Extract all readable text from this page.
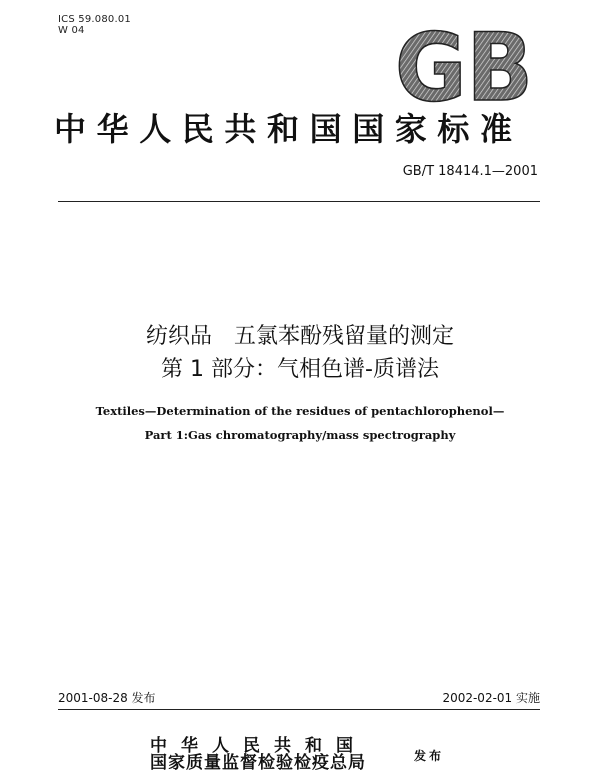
ICS 59.080.01
W 04	GB
中华人民共和国国家标准
GB/T 18414.1—2001
纺织品　五氯苯酚残留量的测定
第 1 部分：气相色谱-质谱法
Textiles—Determination of the residues of pentachlorophenol—
Part 1:Gas chromatography/mass spectrography
2001-08-28 发布	2002-02-01 实施
中华人民共和国
国家质量监督检验检疫总局	发布
